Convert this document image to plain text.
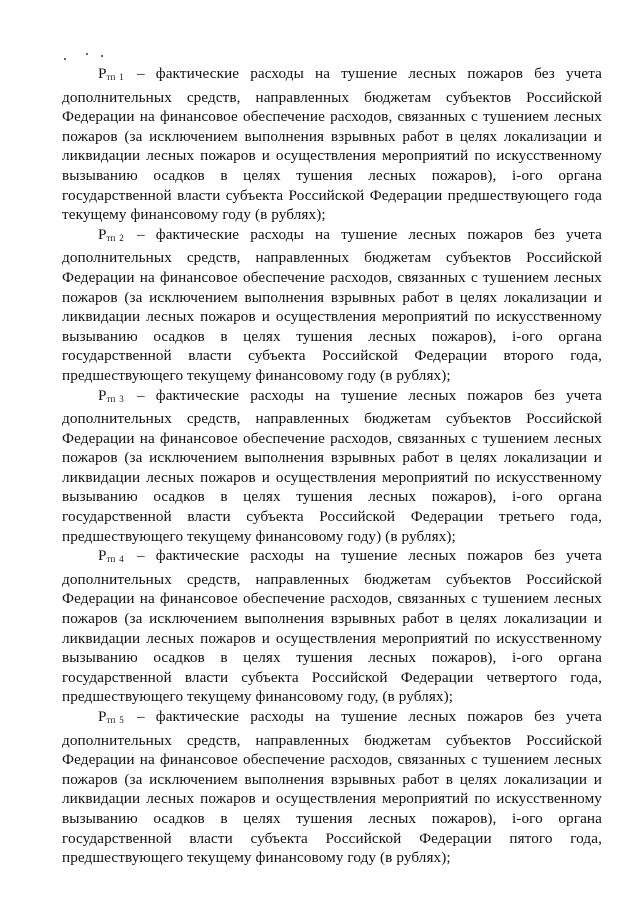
$P_{тп}$ 1 – фактические расходы на тушение лесных пожаров без учета дополнительных средств, направленных бюджетам субъектов Российской Федерации на финансовое обеспечение расходов, связанных с тушением лесных пожаров (за исключением выполнения взрывных работ в целях локализации и ликвидации лесных пожаров и осуществления мероприятий по искусственному вызыванию осадков в целях тушения лесных пожаров), i-ого органа государственной власти субъекта Российской Федерации предшествующего года текущему финансовому году (в рублях);

$P_{тп}$ 2 – фактические расходы на тушение лесных пожаров без учета дополнительных средств, направленных бюджетам субъектов Российской Федерации на финансовое обеспечение расходов, связанных с тушением лесных пожаров (за исключением выполнения взрывных работ в целях локализации и ликвидации лесных пожаров и осуществления мероприятий по искусственному вызыванию осадков в целях тушения лесных пожаров), i-ого органа государственной власти субъекта Российской Федерации второго года, предшествующего текущему финансовому году (в рублях);

$P_{тп}$ 3 – фактические расходы на тушение лесных пожаров без учета дополнительных средств, направленных бюджетам субъектов Российской Федерации на финансовое обеспечение расходов, связанных с тушением лесных пожаров (за исключением выполнения взрывных работ в целях локализации и ликвидации лесных пожаров и осуществления мероприятий по искусственному вызыванию осадков в целях тушения лесных пожаров), i-ого органа государственной власти субъекта Российской Федерации третьего года, предшествующего текущему финансовому году) (в рублях);

$P_{тп}$ 4 – фактические расходы на тушение лесных пожаров без учета дополнительных средств, направленных бюджетам субъектов Российской Федерации на финансовое обеспечение расходов, связанных с тушением лесных пожаров (за исключением выполнения взрывных работ в целях локализации и ликвидации лесных пожаров и осуществления мероприятий по искусственному вызыванию осадков в целях тушения лесных пожаров), i-ого органа государственной власти субъекта Российской Федерации четвертого года, предшествующего текущему финансовому году, (в рублях);

$P_{тп}$ 5 – фактические расходы на тушение лесных пожаров без учета дополнительных средств, направленных бюджетам субъектов Российской Федерации на финансовое обеспечение расходов, связанных с тушением лесных пожаров (за исключением выполнения взрывных работ в целях локализации и ликвидации лесных пожаров и осуществления мероприятий по искусственному вызыванию осадков в целях тушения лесных пожаров), i-ого органа государственной власти субъекта Российской Федерации пятого года, предшествующего текущему финансовому году (в рублях);
